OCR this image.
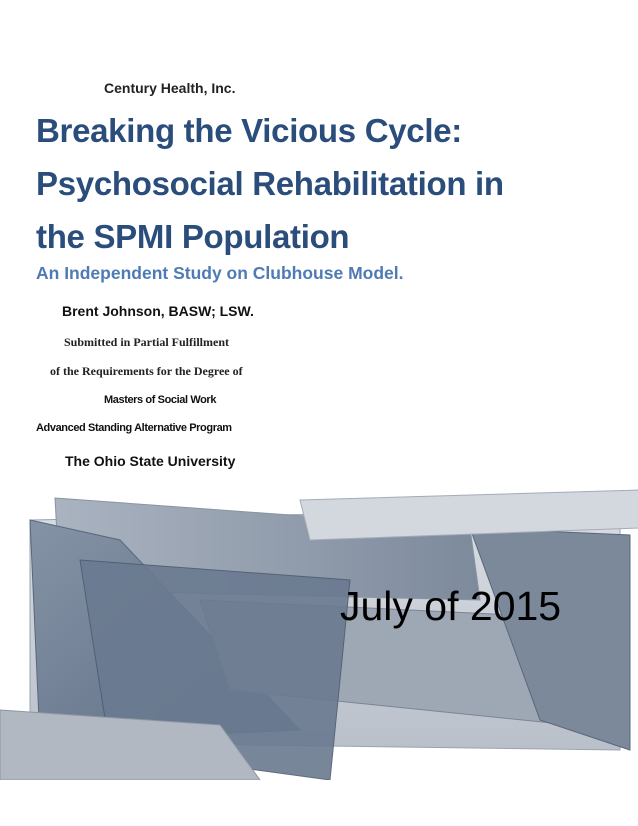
Century Health, Inc.

Breaking the Vicious Cycle:
Psychosocial Rehabilitation in
the SPMI Population

An Independent Study on Clubhouse Model.

Brent Johnson, BASW; LSW.

Submitted in Partial Fulfillment

of the Requirements for the Degree of

Masters of Social Work

Advanced Standing Alternative Program

The Ohio State University

July of 2015
